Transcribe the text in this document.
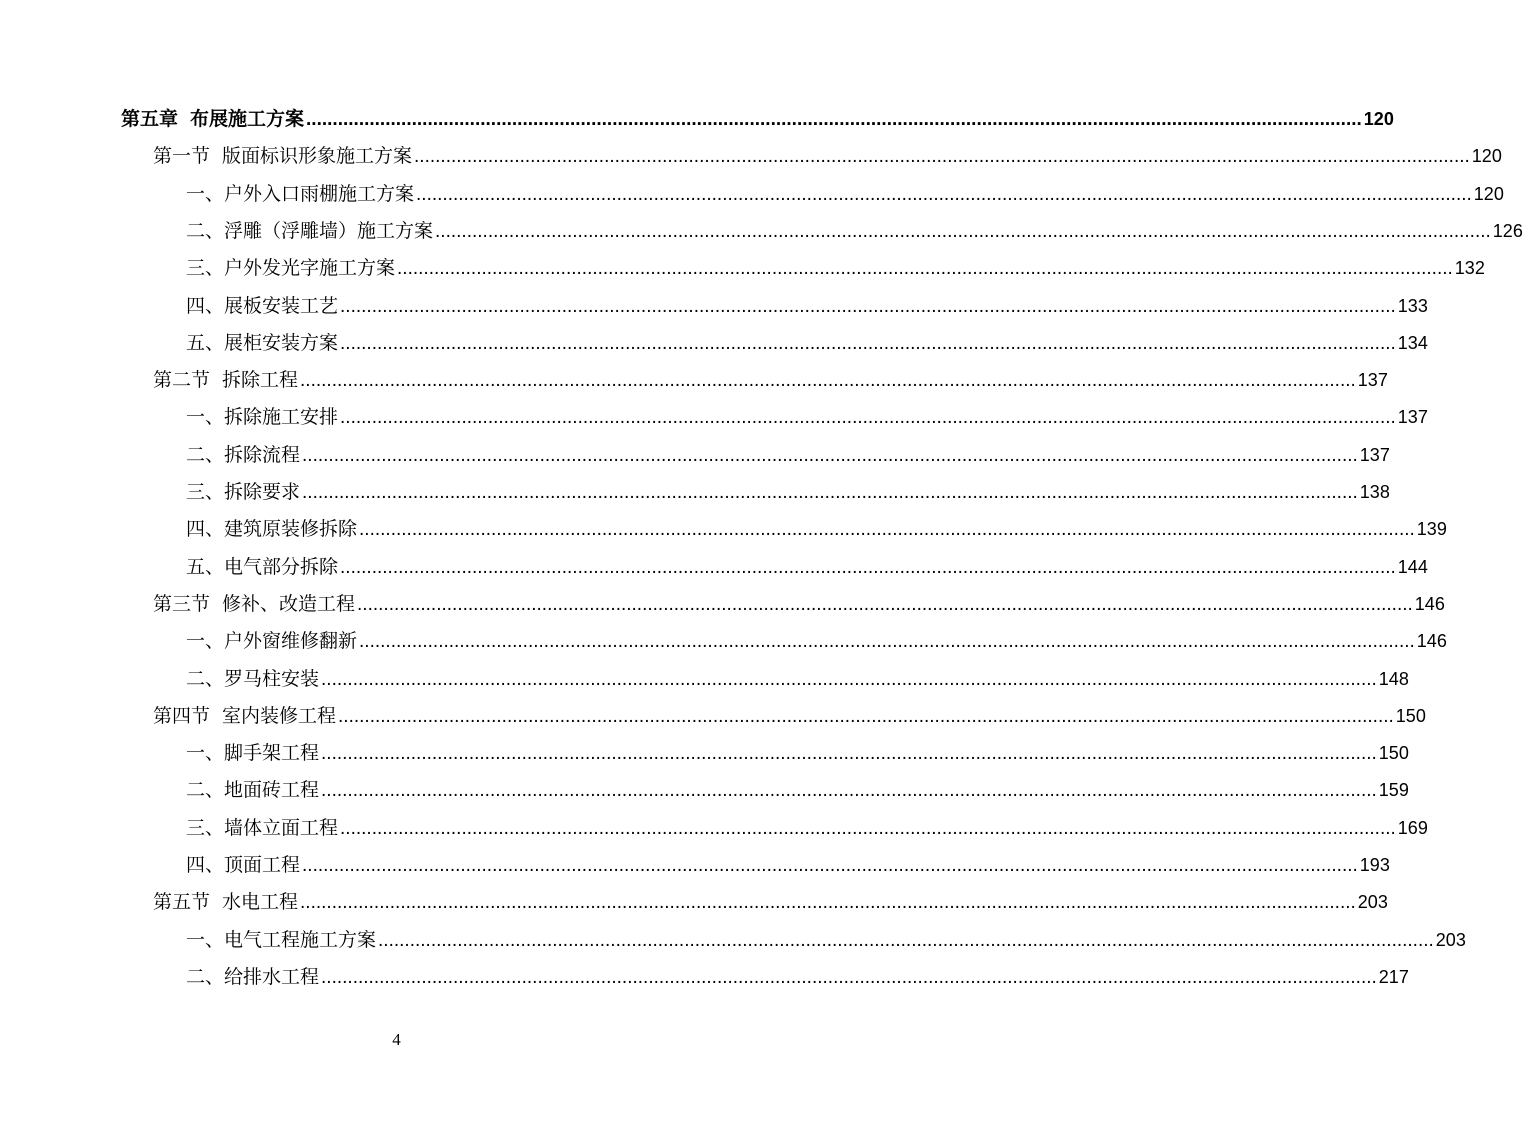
第五章 布展施工方案 ........................................................................................................................................................................................................ 120
第一节 版面标识形象施工方案 ........................................................................................................................................................................................................ 120
一、户外入口雨棚施工方案 ........................................................................................................................................................................................................ 120
二、浮雕（浮雕墙）施工方案 ........................................................................................................................................................................................................ 126
三、户外发光字施工方案 ........................................................................................................................................................................................................ 132
四、展板安装工艺 ........................................................................................................................................................................................................ 133
五、展柜安装方案 ........................................................................................................................................................................................................ 134
第二节 拆除工程 ........................................................................................................................................................................................................ 137
一、拆除施工安排 ........................................................................................................................................................................................................ 137
二、拆除流程 ........................................................................................................................................................................................................ 137
三、拆除要求 ........................................................................................................................................................................................................ 138
四、建筑原装修拆除 ........................................................................................................................................................................................................ 139
五、电气部分拆除 ........................................................................................................................................................................................................ 144
第三节 修补、改造工程 ........................................................................................................................................................................................................ 146
一、户外窗维修翻新 ........................................................................................................................................................................................................ 146
二、罗马柱安装 ........................................................................................................................................................................................................ 148
第四节 室内装修工程 ........................................................................................................................................................................................................ 150
一、脚手架工程 ........................................................................................................................................................................................................ 150
二、地面砖工程 ........................................................................................................................................................................................................ 159
三、墙体立面工程 ........................................................................................................................................................................................................ 169
四、顶面工程 ........................................................................................................................................................................................................ 193
第五节 水电工程 ........................................................................................................................................................................................................ 203
一、电气工程施工方案 ........................................................................................................................................................................................................ 203
二、给排水工程 ........................................................................................................................................................................................................ 217
4
